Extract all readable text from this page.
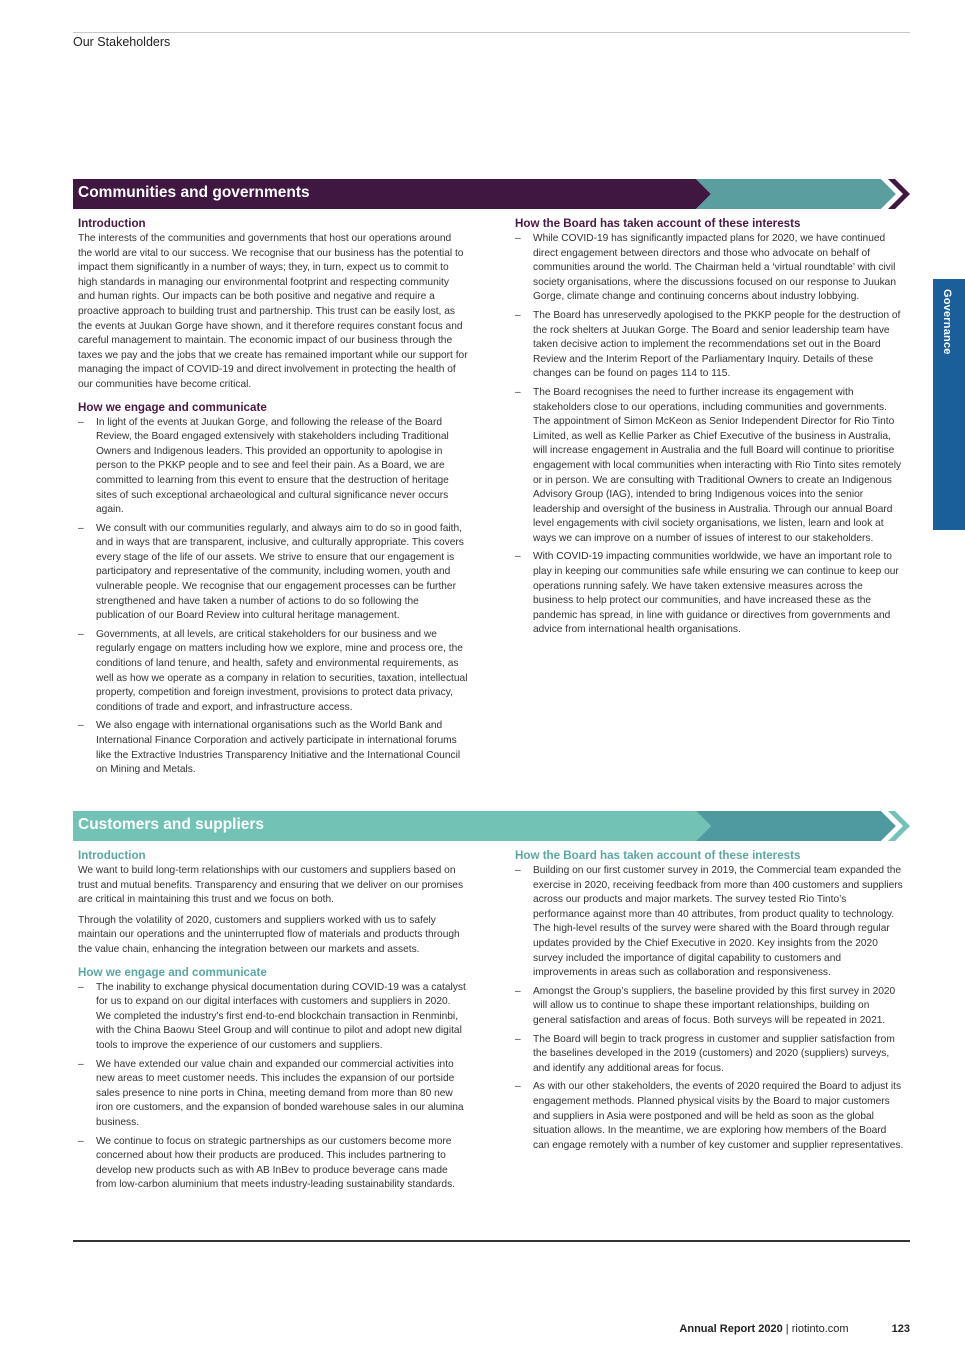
Our Stakeholders
Governance
Communities and governments
Introduction

The interests of the communities and governments that host our operations around the world are vital to our success. We recognise that our business has the potential to impact them significantly in a number of ways; they, in turn, expect us to commit to high standards in managing our environmental footprint and respecting community and human rights. Our impacts can be both positive and negative and require a proactive approach to building trust and partnership. This trust can be easily lost, as the events at Juukan Gorge have shown, and it therefore requires constant focus and careful management to maintain. The economic impact of our business through the taxes we pay and the jobs that we create has remained important while our support for managing the impact of COVID-19 and direct involvement in protecting the health of our communities have become critical.

How we engage and communicate
– In light of the events at Juukan Gorge, and following the release of the Board Review, the Board engaged extensively with stakeholders including Traditional Owners and Indigenous leaders. This provided an opportunity to apologise in person to the PKKP people and to see and feel their pain. As a Board, we are committed to learning from this event to ensure that the destruction of heritage sites of such exceptional archaeological and cultural significance never occurs again.
– We consult with our communities regularly, and always aim to do so in good faith, and in ways that are transparent, inclusive, and culturally appropriate. This covers every stage of the life of our assets. We strive to ensure that our engagement is participatory and representative of the community, including women, youth and vulnerable people. We recognise that our engagement processes can be further strengthened and have taken a number of actions to do so following the publication of our Board Review into cultural heritage management.
– Governments, at all levels, are critical stakeholders for our business and we regularly engage on matters including how we explore, mine and process ore, the conditions of land tenure, and health, safety and environmental requirements, as well as how we operate as a company in relation to securities, taxation, intellectual property, competition and foreign investment, provisions to protect data privacy, conditions of trade and export, and infrastructure access.
– We also engage with international organisations such as the World Bank and International Finance Corporation and actively participate in international forums like the Extractive Industries Transparency Initiative and the International Council on Mining and Metals.
How the Board has taken account of these interests
– While COVID-19 has significantly impacted plans for 2020, we have continued direct engagement between directors and those who advocate on behalf of communities around the world. The Chairman held a ‘virtual roundtable’ with civil society organisations, where the discussions focused on our response to Juukan Gorge, climate change and continuing concerns about industry lobbying.
– The Board has unreservedly apologised to the PKKP people for the destruction of the rock shelters at Juukan Gorge. The Board and senior leadership team have taken decisive action to implement the recommendations set out in the Board Review and the Interim Report of the Parliamentary Inquiry. Details of these changes can be found on pages 114 to 115.
– The Board recognises the need to further increase its engagement with stakeholders close to our operations, including communities and governments. The appointment of Simon McKeon as Senior Independent Director for Rio Tinto Limited, as well as Kellie Parker as Chief Executive of the business in Australia, will increase engagement in Australia and the full Board will continue to prioritise engagement with local communities when interacting with Rio Tinto sites remotely or in person. We are consulting with Traditional Owners to create an Indigenous Advisory Group (IAG), intended to bring Indigenous voices into the senior leadership and oversight of the business in Australia. Through our annual Board level engagements with civil society organisations, we listen, learn and look at ways we can improve on a number of issues of interest to our stakeholders.
– With COVID-19 impacting communities worldwide, we have an important role to play in keeping our communities safe while ensuring we can continue to keep our operations running safely. We have taken extensive measures across the business to help protect our communities, and have increased these as the pandemic has spread, in line with guidance or directives from governments and advice from international health organisations.
Customers and suppliers
Introduction

We want to build long-term relationships with our customers and suppliers based on trust and mutual benefits. Transparency and ensuring that we deliver on our promises are critical in maintaining this trust and we focus on both.

Through the volatility of 2020, customers and suppliers worked with us to safely maintain our operations and the uninterrupted flow of materials and products through the value chain, enhancing the integration between our markets and assets.

How we engage and communicate
– The inability to exchange physical documentation during COVID-19 was a catalyst for us to expand on our digital interfaces with customers and suppliers in 2020. We completed the industry’s first end-to-end blockchain transaction in Renminbi, with the China Baowu Steel Group and will continue to pilot and adopt new digital tools to improve the experience of our customers and suppliers.
– We have extended our value chain and expanded our commercial activities into new areas to meet customer needs. This includes the expansion of our portside sales presence to nine ports in China, meeting demand from more than 80 new iron ore customers, and the expansion of bonded warehouse sales in our alumina business.
– We continue to focus on strategic partnerships as our customers become more concerned about how their products are produced. This includes partnering to develop new products such as with AB InBev to produce beverage cans made from low-carbon aluminium that meets industry-leading sustainability standards.
How the Board has taken account of these interests
– Building on our first customer survey in 2019, the Commercial team expanded the exercise in 2020, receiving feedback from more than 400 customers and suppliers across our products and major markets. The survey tested Rio Tinto’s performance against more than 40 attributes, from product quality to technology. The high-level results of the survey were shared with the Board through regular updates provided by the Chief Executive in 2020. Key insights from the 2020 survey included the importance of digital capability to customers and improvements in areas such as collaboration and responsiveness.
– Amongst the Group’s suppliers, the baseline provided by this first survey in 2020 will allow us to continue to shape these important relationships, building on general satisfaction and areas of focus. Both surveys will be repeated in 2021.
– The Board will begin to track progress in customer and supplier satisfaction from the baselines developed in the 2019 (customers) and 2020 (suppliers) surveys, and identify any additional areas for focus.
– As with our other stakeholders, the events of 2020 required the Board to adjust its engagement methods. Planned physical visits by the Board to major customers and suppliers in Asia were postponed and will be held as soon as the global situation allows. In the meantime, we are exploring how members of the Board can engage remotely with a number of key customer and supplier representatives.
Annual Report 2020 | riotinto.com	123
